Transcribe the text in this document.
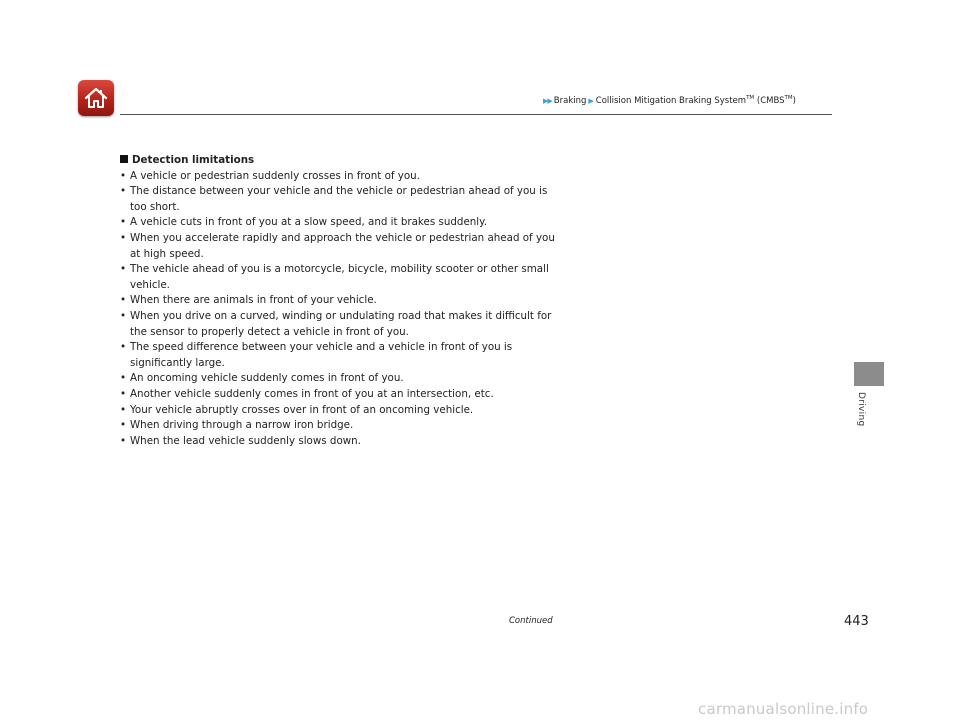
▶▶ Braking ▶ Collision Mitigation Braking System™ (CMBS™)
Detection limitations
• A vehicle or pedestrian suddenly crosses in front of you.
• The distance between your vehicle and the vehicle or pedestrian ahead of you is too short.
• A vehicle cuts in front of you at a slow speed, and it brakes suddenly.
• When you accelerate rapidly and approach the vehicle or pedestrian ahead of you at high speed.
• The vehicle ahead of you is a motorcycle, bicycle, mobility scooter or other small vehicle.
• When there are animals in front of your vehicle.
• When you drive on a curved, winding or undulating road that makes it difficult for the sensor to properly detect a vehicle in front of you.
• The speed difference between your vehicle and a vehicle in front of you is significantly large.
• An oncoming vehicle suddenly comes in front of you.
• Another vehicle suddenly comes in front of you at an intersection, etc.
• Your vehicle abruptly crosses over in front of an oncoming vehicle.
• When driving through a narrow iron bridge.
• When the lead vehicle suddenly slows down.
Driving
Continued	443
carmanualsonline.info
